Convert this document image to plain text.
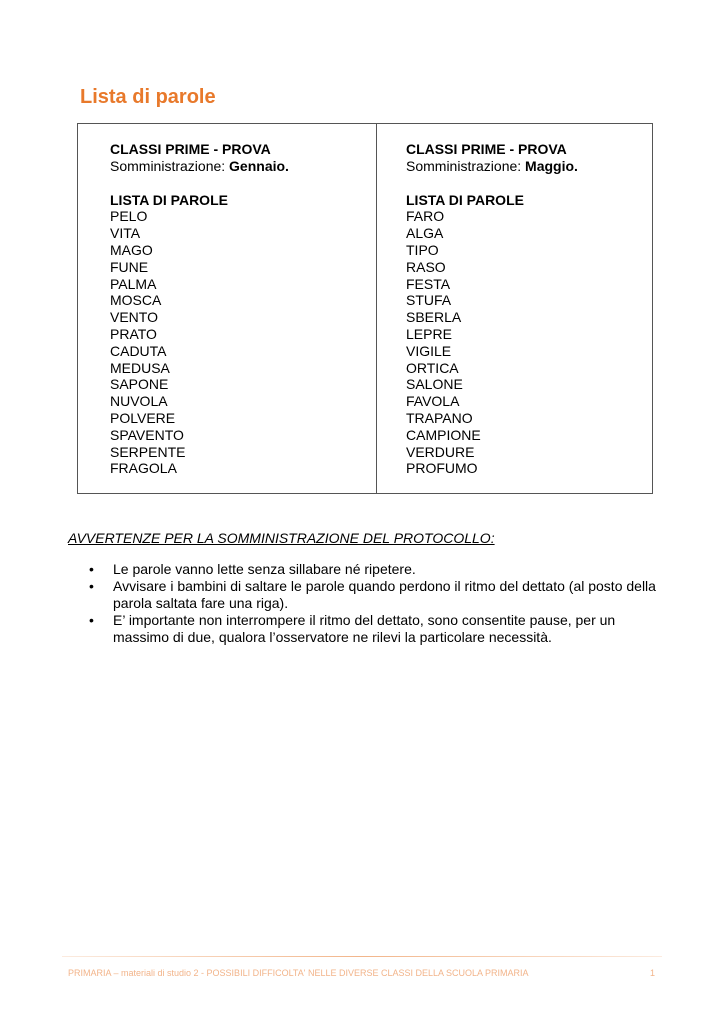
Lista di parole
CLASSI PRIME - PROVA
Somministrazione: Gennaio.
LISTA DI PAROLE
PELO
VITA
MAGO
FUNE
PALMA
MOSCA
VENTO
PRATO
CADUTA
MEDUSA
SAPONE
NUVOLA
POLVERE
SPAVENTO
SERPENTE
FRAGOLA
CLASSI PRIME - PROVA
Somministrazione: Maggio.
LISTA DI PAROLE
FARO
ALGA
TIPO
RASO
FESTA
STUFA
SBERLA
LEPRE
VIGILE
ORTICA
SALONE
FAVOLA
TRAPANO
CAMPIONE
VERDURE
PROFUMO
AVVERTENZE PER LA SOMMINISTRAZIONE DEL PROTOCOLLO:
• Le parole vanno lette senza sillabare né ripetere.
• Avvisare i bambini di saltare le parole quando perdono il ritmo del dettato (al posto della parola saltata fare una riga).
• E’ importante non interrompere il ritmo del dettato, sono consentite pause, per un massimo di due, qualora l’osservatore ne rilevi la particolare necessità.
PRIMARIA – materiali di studio 2 - POSSIBILI DIFFICOLTA' NELLE DIVERSE CLASSI DELLA SCUOLA PRIMARIA	1
